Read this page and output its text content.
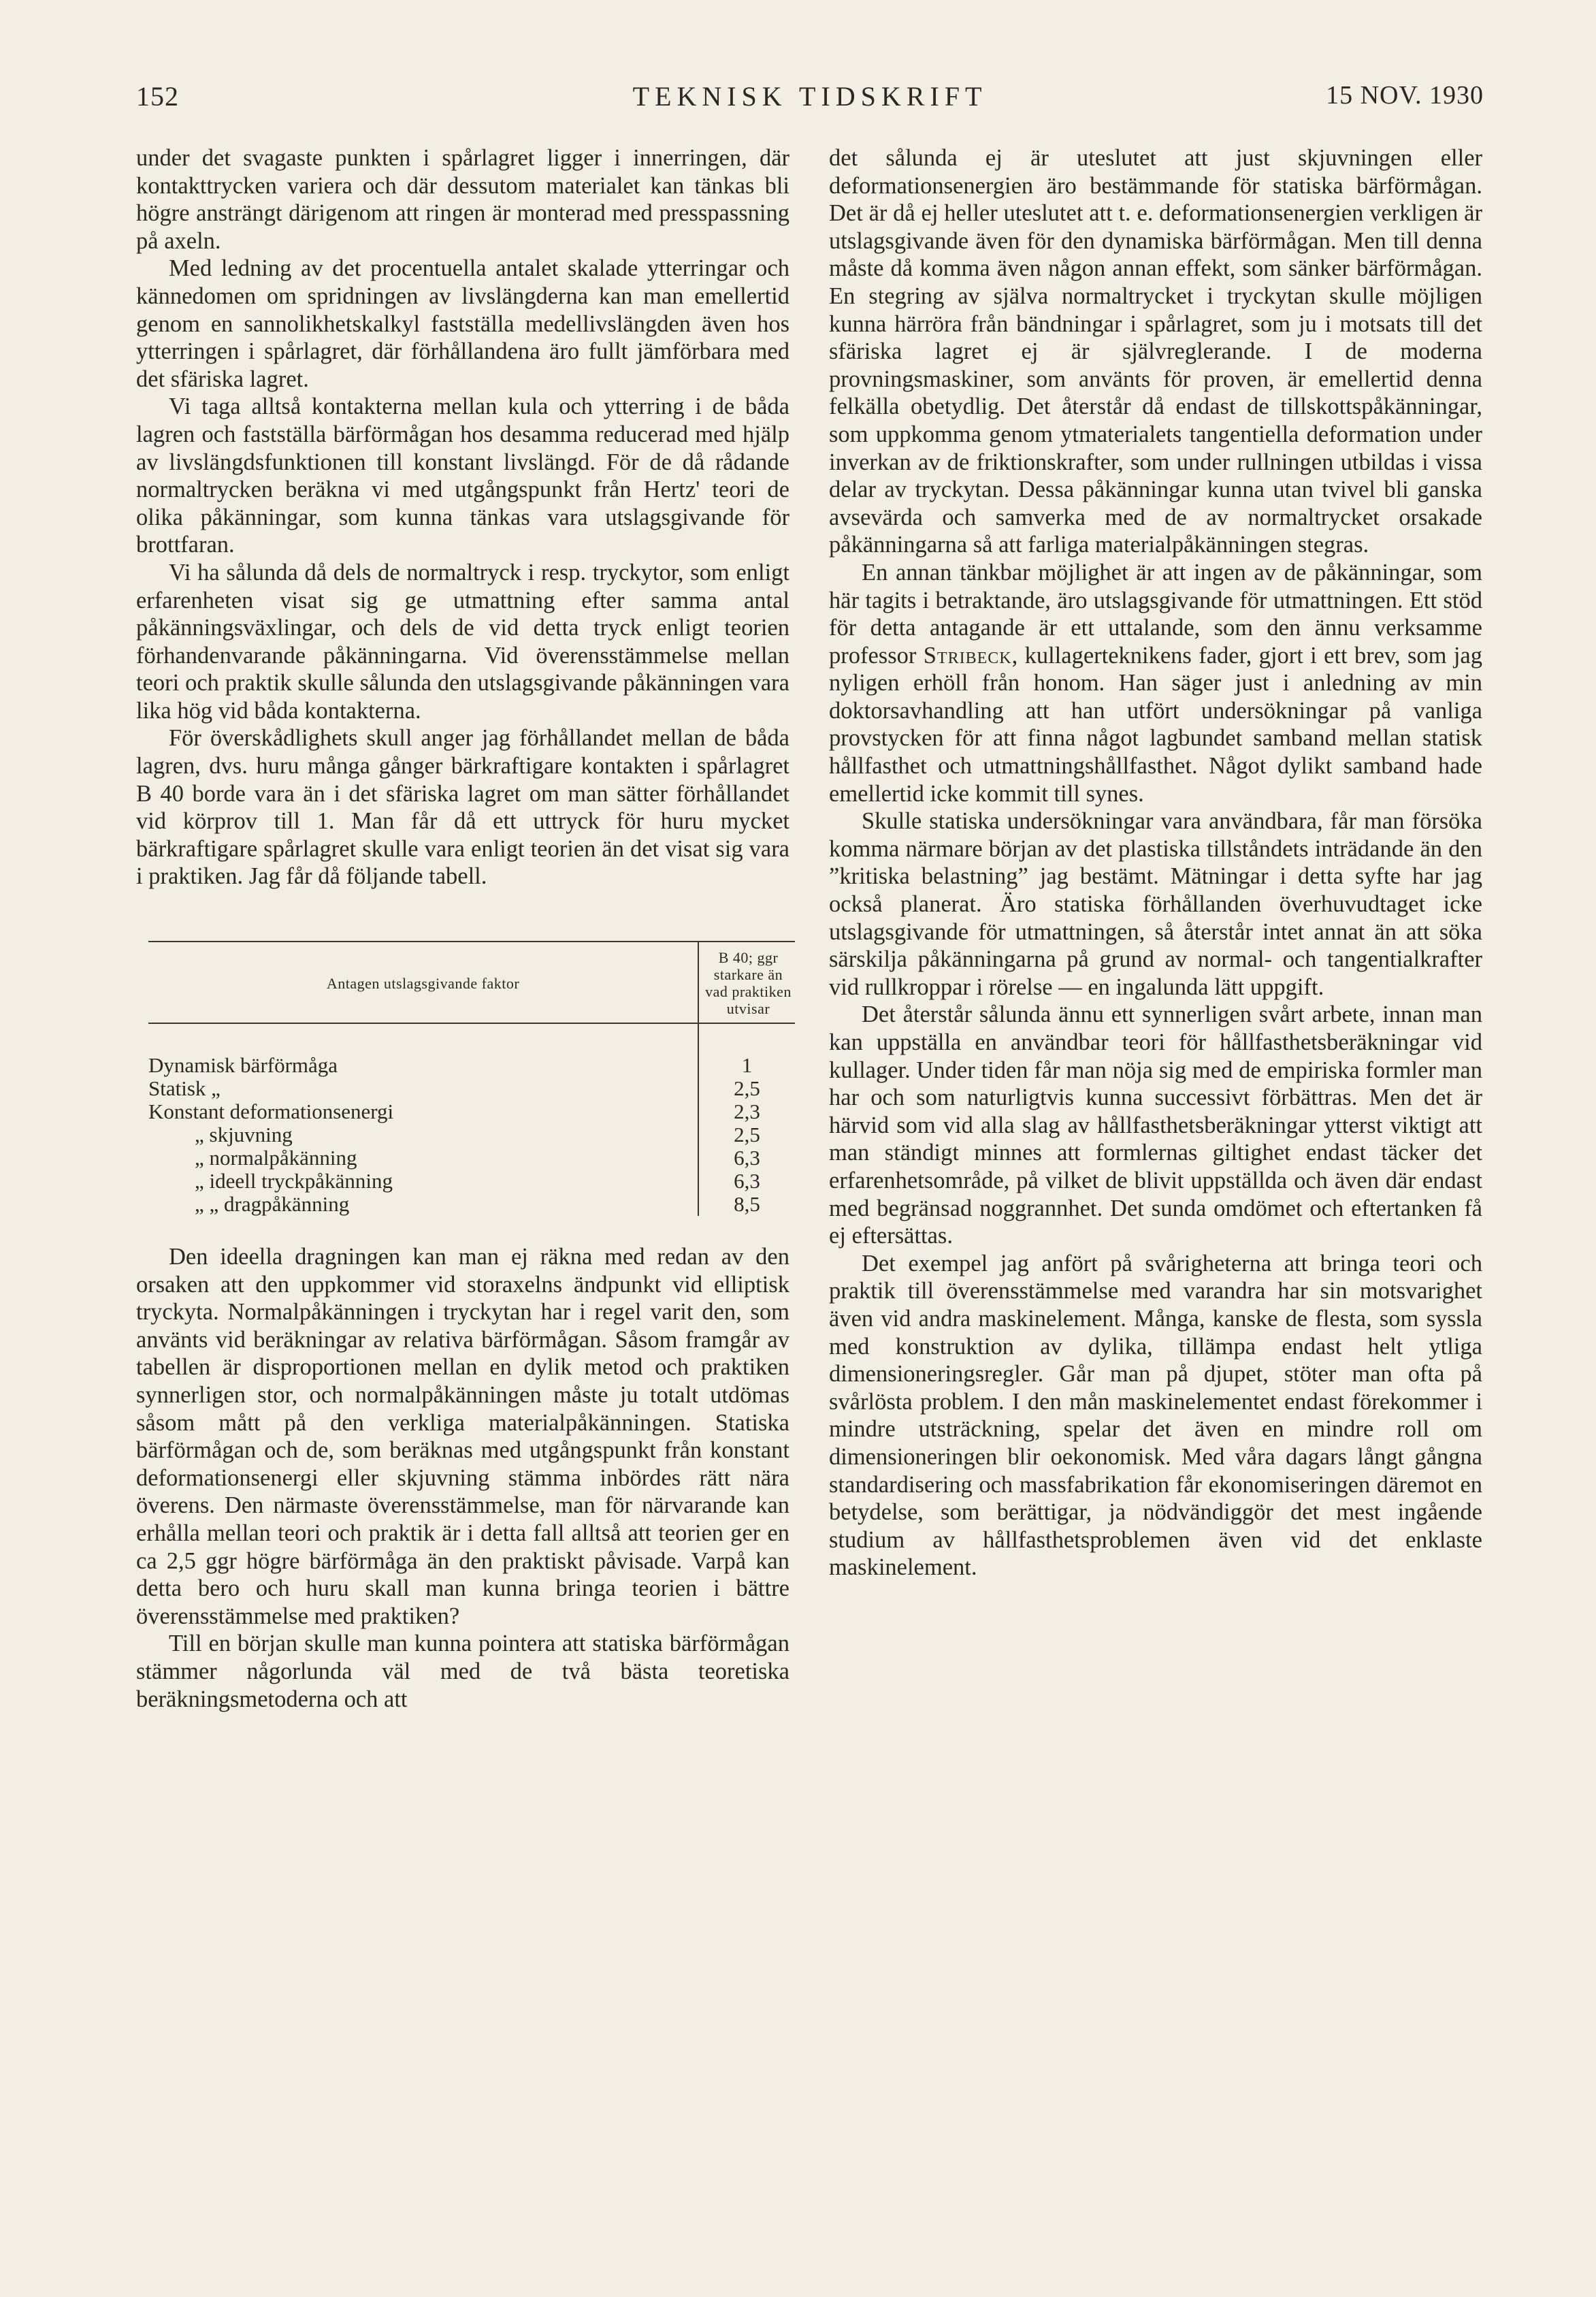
152	TEKNISK TIDSKRIFT	15 NOV. 1930

under det svagaste punkten i spårlagret ligger i innerringen, där kontakttrycken variera och där dessutom materialet kan tänkas bli högre ansträngt därigenom att ringen är monterad med presspassning på axeln.

Med ledning av det procentuella antalet skalade ytterringar och kännedomen om spridningen av livslängderna kan man emellertid genom en sannolikhetskalkyl fastställa medellivslängden även hos ytterringen i spårlagret, där förhållandena äro fullt jämförbara med det sfäriska lagret.

Vi taga alltså kontakterna mellan kula och ytterring i de båda lagren och fastställa bärförmågan hos desamma reducerad med hjälp av livslängdsfunktionen till konstant livslängd. För de då rådande normaltrycken beräkna vi med utgångspunkt från Hertz' teori de olika påkänningar, som kunna tänkas vara utslagsgivande för brottfaran.

Vi ha sålunda då dels de normaltryck i resp. tryckytor, som enligt erfarenheten visat sig ge utmattning efter samma antal påkänningsväxlingar, och dels de vid detta tryck enligt teorien förhandenvarande påkänningarna. Vid överensstämmelse mellan teori och praktik skulle sålunda den utslagsgivande påkänningen vara lika hög vid båda kontakterna.

För överskådlighets skull anger jag förhållandet mellan de båda lagren, dvs. huru många gånger bärkraftigare kontakten i spårlagret B 40 borde vara än i det sfäriska lagret om man sätter förhållandet vid körprov till 1. Man får då ett uttryck för huru mycket bärkraftigare spårlagret skulle vara enligt teorien än det visat sig vara i praktiken. Jag får då följande tabell.

Antagen utslagsgivande faktor	B 40; ggr starkare än vad praktiken utvisar

Dynamisk bärförmåga	1

Statisk „	2,5

Konstant deformationsenergi	2,3

„ skjuvning	2,5

„ normalpåkänning	6,3

„ ideell tryckpåkänning	6,3

„ „ dragpåkänning	8,5

Den ideella dragningen kan man ej räkna med redan av den orsaken att den uppkommer vid storaxelns ändpunkt vid elliptisk tryckyta. Normalpåkänningen i tryckytan har i regel varit den, som använts vid beräkningar av relativa bärförmågan. Såsom framgår av tabellen är disproportionen mellan en dylik metod och praktiken synnerligen stor, och normalpåkänningen måste ju totalt utdömas såsom mått på den verkliga materialpåkänningen. Statiska bärförmågan och de, som beräknas med utgångspunkt från konstant deformationsenergi eller skjuvning stämma inbördes rätt nära överens. Den närmaste överensstämmelse, man för närvarande kan erhålla mellan teori och praktik är i detta fall alltså att teorien ger en ca 2,5 ggr högre bärförmåga än den praktiskt påvisade. Varpå kan detta bero och huru skall man kunna bringa teorien i bättre överensstämmelse med praktiken?

Till en början skulle man kunna pointera att statiska bärförmågan stämmer någorlunda väl med de två bästa teoretiska beräkningsmetoderna och att

det sålunda ej är uteslutet att just skjuvningen eller deformationsenergien äro bestämmande för statiska bärförmågan. Det är då ej heller uteslutet att t. e. deformationsenergien verkligen är utslagsgivande även för den dynamiska bärförmågan. Men till denna måste då komma även någon annan effekt, som sänker bärförmågan. En stegring av själva normaltrycket i tryckytan skulle möjligen kunna härröra från bändningar i spårlagret, som ju i motsats till det sfäriska lagret ej är självreglerande. I de moderna provningsmaskiner, som använts för proven, är emellertid denna felkälla obetydlig. Det återstår då endast de tillskottspåkänningar, som uppkomma genom ytmaterialets tangentiella deformation under inverkan av de friktionskrafter, som under rullningen utbildas i vissa delar av tryckytan. Dessa påkänningar kunna utan tvivel bli ganska avsevärda och samverka med de av normaltrycket orsakade påkänningarna så att farliga materialpåkänningen stegras.

En annan tänkbar möjlighet är att ingen av de påkänningar, som här tagits i betraktande, äro utslagsgivande för utmattningen. Ett stöd för detta antagande är ett uttalande, som den ännu verksamme professor Stribeck, kullagerteknikens fader, gjort i ett brev, som jag nyligen erhöll från honom. Han säger just i anledning av min doktorsavhandling att han utfört undersökningar på vanliga provstycken för att finna något lagbundet samband mellan statisk hållfasthet och utmattningshållfasthet. Något dylikt samband hade emellertid icke kommit till synes.

Skulle statiska undersökningar vara användbara, får man försöka komma närmare början av det plastiska tillståndets inträdande än den ”kritiska belastning” jag bestämt. Mätningar i detta syfte har jag också planerat. Äro statiska förhållanden överhuvudtaget icke utslagsgivande för utmattningen, så återstår intet annat än att söka särskilja påkänningarna på grund av normal- och tangentialkrafter vid rullkroppar i rörelse — en ingalunda lätt uppgift.

Det återstår sålunda ännu ett synnerligen svårt arbete, innan man kan uppställa en användbar teori för hållfasthetsberäkningar vid kullager. Under tiden får man nöja sig med de empiriska formler man har och som naturligtvis kunna successivt förbättras. Men det är härvid som vid alla slag av hållfasthetsberäkningar ytterst viktigt att man ständigt minnes att formlernas giltighet endast täcker det erfarenhetsområde, på vilket de blivit uppställda och även där endast med begränsad noggrannhet. Det sunda omdömet och eftertanken få ej eftersättas.

Det exempel jag anfört på svårigheterna att bringa teori och praktik till överensstämmelse med varandra har sin motsvarighet även vid andra maskinelement. Många, kanske de flesta, som syssla med konstruktion av dylika, tillämpa endast helt ytliga dimensioneringsregler. Går man på djupet, stöter man ofta på svårlösta problem. I den mån maskinelementet endast förekommer i mindre utsträckning, spelar det även en mindre roll om dimensioneringen blir oekonomisk. Med våra dagars långt gångna standardisering och massfabrikation får ekonomiseringen däremot en betydelse, som berättigar, ja nödvändiggör det mest ingående studium av hållfasthetsproblemen även vid det enklaste maskinelement.
